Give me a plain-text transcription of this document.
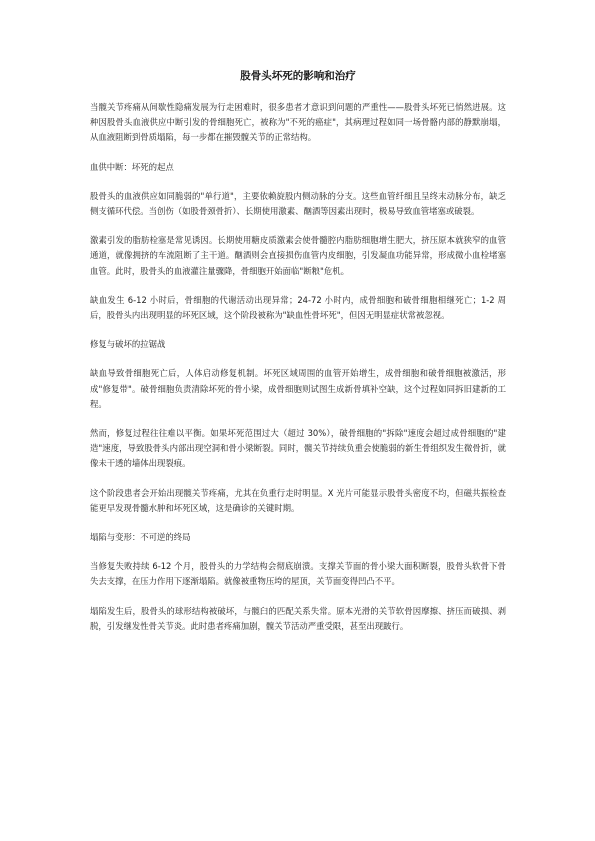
股骨头坏死的影响和治疗
当髋关节疼痛从间歇性隐痛发展为行走困难时，很多患者才意识到问题的严重性——股骨头坏死已悄然进展。这种因股骨头血液供应中断引发的骨细胞死亡，被称为"不死的癌症"，其病理过程如同一场骨骼内部的静默崩塌，从血液阻断到骨质塌陷，每一步都在摧毁髋关节的正常结构。
血供中断：坏死的起点
股骨头的血液供应如同脆弱的"单行道"，主要依赖旋股内侧动脉的分支。这些血管纤细且呈终末动脉分布，缺乏侧支循环代偿。当创伤（如股骨颈骨折）、长期使用激素、酗酒等因素出现时，极易导致血管堵塞或破裂。
激素引发的脂肪栓塞是常见诱因。长期使用糖皮质激素会使骨髓腔内脂肪细胞增生肥大，挤压原本就狭窄的血管通道，就像拥挤的车流阻断了主干道。酗酒则会直接损伤血管内皮细胞，引发凝血功能异常，形成微小血栓堵塞血管。此时，股骨头的血液灌注量骤降，骨细胞开始面临"断粮"危机。
缺血发生 6-12 小时后，骨细胞的代谢活动出现异常；24-72 小时内，成骨细胞和破骨细胞相继死亡；1-2 周后，股骨头内出现明显的坏死区域，这个阶段被称为"缺血性骨坏死"，但因无明显症状常被忽视。
修复与破坏的拉锯战
缺血导致骨细胞死亡后，人体启动修复机制。坏死区域周围的血管开始增生，成骨细胞和破骨细胞被激活，形成"修复带"。破骨细胞负责清除坏死的骨小梁，成骨细胞则试图生成新骨填补空缺，这个过程如同拆旧建新的工程。
然而，修复过程往往难以平衡。如果坏死范围过大（超过 30%），破骨细胞的"拆除"速度会超过成骨细胞的"建造"速度，导致股骨头内部出现空洞和骨小梁断裂。同时，髋关节持续负重会使脆弱的新生骨组织发生微骨折，就像未干透的墙体出现裂痕。
这个阶段患者会开始出现髋关节疼痛，尤其在负重行走时明显。X 光片可能显示股骨头密度不均，但磁共振检查能更早发现骨髓水肿和坏死区域，这是确诊的关键时期。
塌陷与变形：不可逆的终局
当修复失败持续 6-12 个月，股骨头的力学结构会彻底崩溃。支撑关节面的骨小梁大面积断裂，股骨头软骨下骨失去支撑，在压力作用下逐渐塌陷。就像被重物压垮的屋顶，关节面变得凹凸不平。
塌陷发生后，股骨头的球形结构被破坏，与髋臼的匹配关系失常。原本光滑的关节软骨因摩擦、挤压而破损、剥脱，引发继发性骨关节炎。此时患者疼痛加剧，髋关节活动严重受限，甚至出现跛行。
